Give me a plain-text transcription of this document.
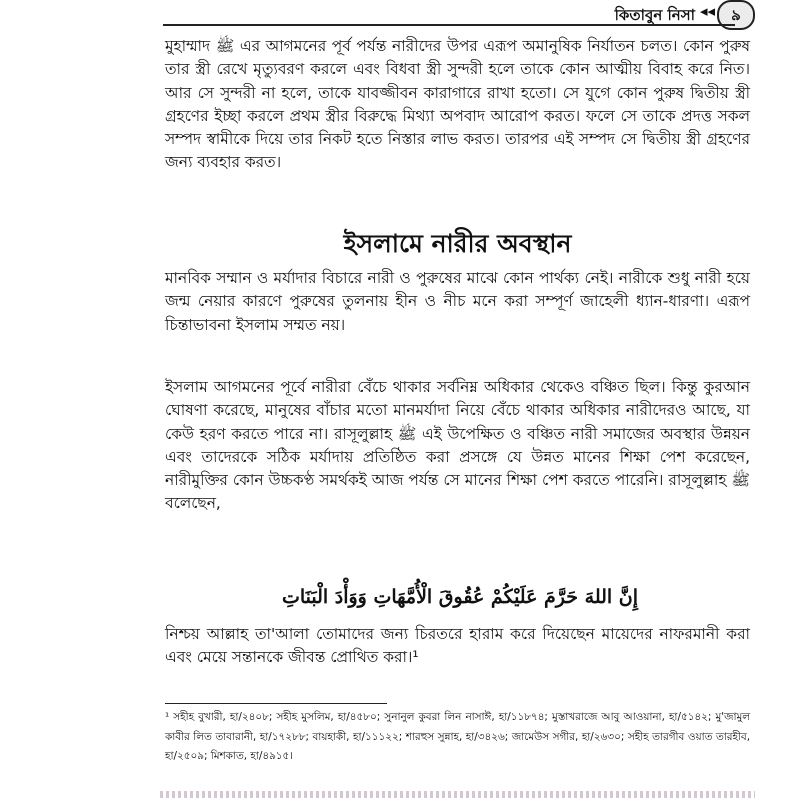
কিতাবুন নিসা ◂◂	৯

মুহাম্মাদ ﷺ এর আগমনের পূর্ব পর্যন্ত নারীদের উপর এরূপ অমানুষিক নির্যাতন চলত। কোন পুরুষ তার স্ত্রী রেখে মৃত্যুবরণ করলে এবং বিধবা স্ত্রী সুন্দরী হলে তাকে কোন আত্মীয় বিবাহ করে নিত। আর সে সুন্দরী না হলে, তাকে যাবজ্জীবন কারাগারে রাখা হতো। সে যুগে কোন পুরুষ দ্বিতীয় স্ত্রী গ্রহণের ইচ্ছা করলে প্রথম স্ত্রীর বিরুদ্ধে মিথ্যা অপবাদ আরোপ করত। ফলে সে তাকে প্রদত্ত সকল সম্পদ স্বামীকে দিয়ে তার নিকট হতে নিস্তার লাভ করত। তারপর এই সম্পদ সে দ্বিতীয় স্ত্রী গ্রহণের জন্য ব্যবহার করত।

ইসলামে নারীর অবস্থান

মানবিক সম্মান ও মর্যাদার বিচারে নারী ও পুরুষের মাঝে কোন পার্থক্য নেই। নারীকে শুধু নারী হয়ে জন্ম নেয়ার কারণে পুরুষের তুলনায় হীন ও নীচ মনে করা সম্পূর্ণ জাহেলী ধ্যান-ধারণা। এরূপ চিন্তাভাবনা ইসলাম সম্মত নয়।

ইসলাম আগমনের পূর্বে নারীরা বেঁচে থাকার সর্বনিম্ন অধিকার থেকেও বঞ্চিত ছিল। কিন্তু কুরআন ঘোষণা করেছে, মানুষের বাঁচার মতো মানমর্যাদা নিয়ে বেঁচে থাকার অধিকার নারীদেরও আছে, যা কেউ হরণ করতে পারে না। রাসূলুল্লাহ ﷺ এই উপেক্ষিত ও বঞ্চিত নারী সমাজের অবস্থার উন্নয়ন এবং তাদেরকে সঠিক মর্যাদায় প্রতিষ্ঠিত করা প্রসঙ্গে যে উন্নত মানের শিক্ষা পেশ করেছেন, নারীমুক্তির কোন উচ্চকণ্ঠ সমর্থকই আজ পর্যন্ত সে মানের শিক্ষা পেশ করতে পারেনি। রাসূলুল্লাহ ﷺ বলেছেন,

إِنَّ اللهَ حَرَّمَ عَلَيْكُمْ عُقُوقَ الْأُمَّهَاتِ وَوَأْدَ الْبَنَاتِ

নিশ্চয় আল্লাহ তা'আলা তোমাদের জন্য চিরতরে হারাম করে দিয়েছেন মায়েদের নাফরমানী করা এবং মেয়ে সন্তানকে জীবন্ত প্রোথিত করা।¹

¹ সহীহ বুখারী, হা/২৪০৮; সহীহ মুসলিম, হা/৪৫৮০; সুনানুল কুবরা লিন নাসাঈ, হা/১১৮৭৪; মুস্তাখরাজে আবু আওয়ানা, হা/৫১৪২; মু'জামুল কাবীর লিত তাবারানী, হা/১৭২৮৮; বায়হাকী, হা/১১১২২; শারহুস সুন্নাহ, হা/৩৪২৬; জামেউস সগীর, হা/২৬৩০; সহীহ তারগীব ওয়াত তারহীব, হা/২৫০৯; মিশকাত, হা/৪৯১৫।
